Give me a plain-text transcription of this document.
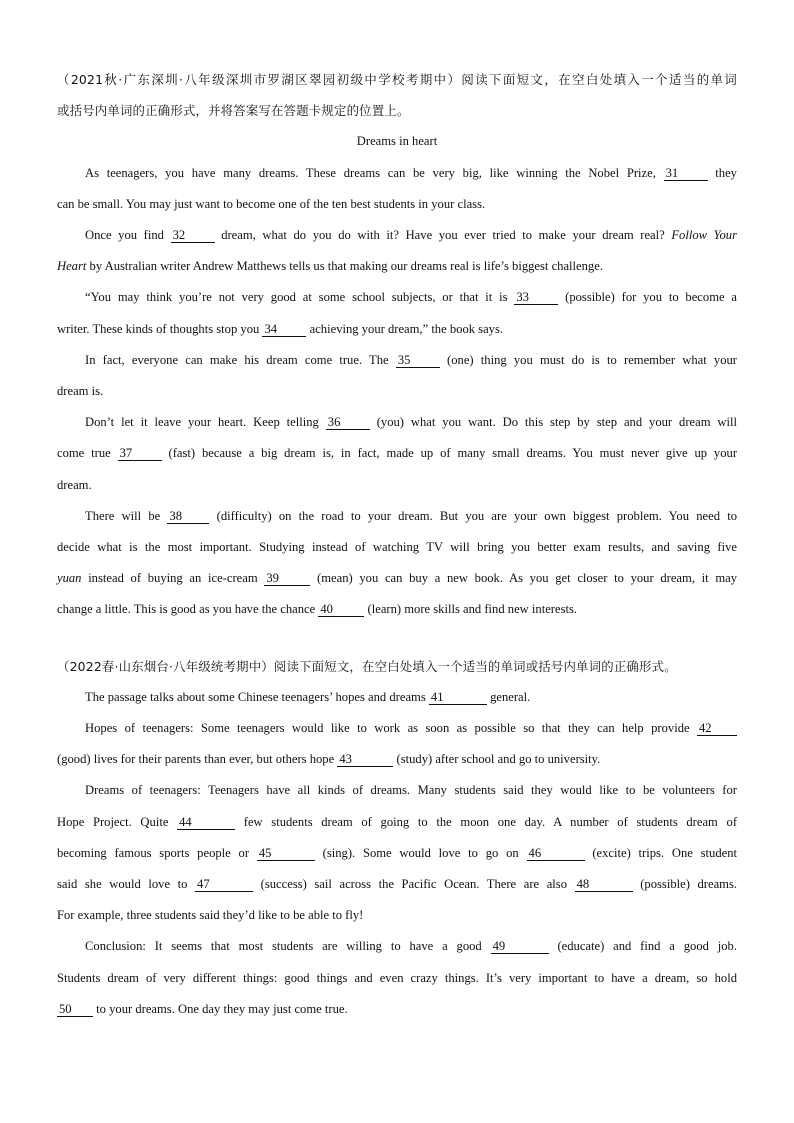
（2021秋·广东深圳·八年级深圳市罗湖区翠园初级中学校考期中）阅读下面短文，在空白处填入一个适当的单词
或括号内单词的正确形式，并将答案写在答题卡规定的位置上。
Dreams in heart
As teenagers, you have many dreams. These dreams can be very big, like winning the Nobel Prize, 31	they
can be small. You may just want to become one of the ten best students in your class.
Once you find 32	dream, what do you do with it? Have you ever tried to make your dream real? Follow Your
Heart by Australian writer Andrew Matthews tells us that making our dreams real is life’s biggest challenge.
“You may think you’re not very good at some school subjects, or that it is 33	(possible) for you to become a
writer. These kinds of thoughts stop you 34	achieving your dream,” the book says.
In fact, everyone can make his dream come true. The 35	(one) thing you must do is to remember what your
dream is.
Don’t let it leave your heart. Keep telling 36	(you) what you want. Do this step by step and your dream will
come true 37	(fast) because a big dream is, in fact, made up of many small dreams. You must never give up your
dream.
There will be 38	(difficulty) on the road to your dream. But you are your own biggest problem. You need to
decide what is the most important. Studying instead of watching TV will bring you better exam results, and saving five
yuan instead of buying an ice-cream 39	(mean) you can buy a new book. As you get closer to your dream, it may
change a little. This is good as you have the chance 40	(learn) more skills and find new interests.
（2022春·山东烟台·八年级统考期中）阅读下面短文，在空白处填入一个适当的单词或括号内单词的正确形式。
The passage talks about some Chinese teenagers’ hopes and dreams 41	general.
Hopes of teenagers: Some teenagers would like to work as soon as possible so that they can help provide 42
(good) lives for their parents than ever, but others hope 43	(study) after school and go to university.
Dreams of teenagers: Teenagers have all kinds of dreams. Many students said they would like to be volunteers for
Hope Project. Quite 44	few students dream of going to the moon one day. A number of students dream of
becoming famous sports people or 45	(sing). Some would love to go on 46	(excite) trips. One student
said she would love to 47	(success) sail across the Pacific Ocean. There are also 48	(possible) dreams.
For example, three students said they’d like to be able to fly!
Conclusion: It seems that most students are willing to have a good 49	(educate) and find a good job.
Students dream of very different things: good things and even crazy things. It’s very important to have a dream, so hold
50 to your dreams. One day they may just come true.
